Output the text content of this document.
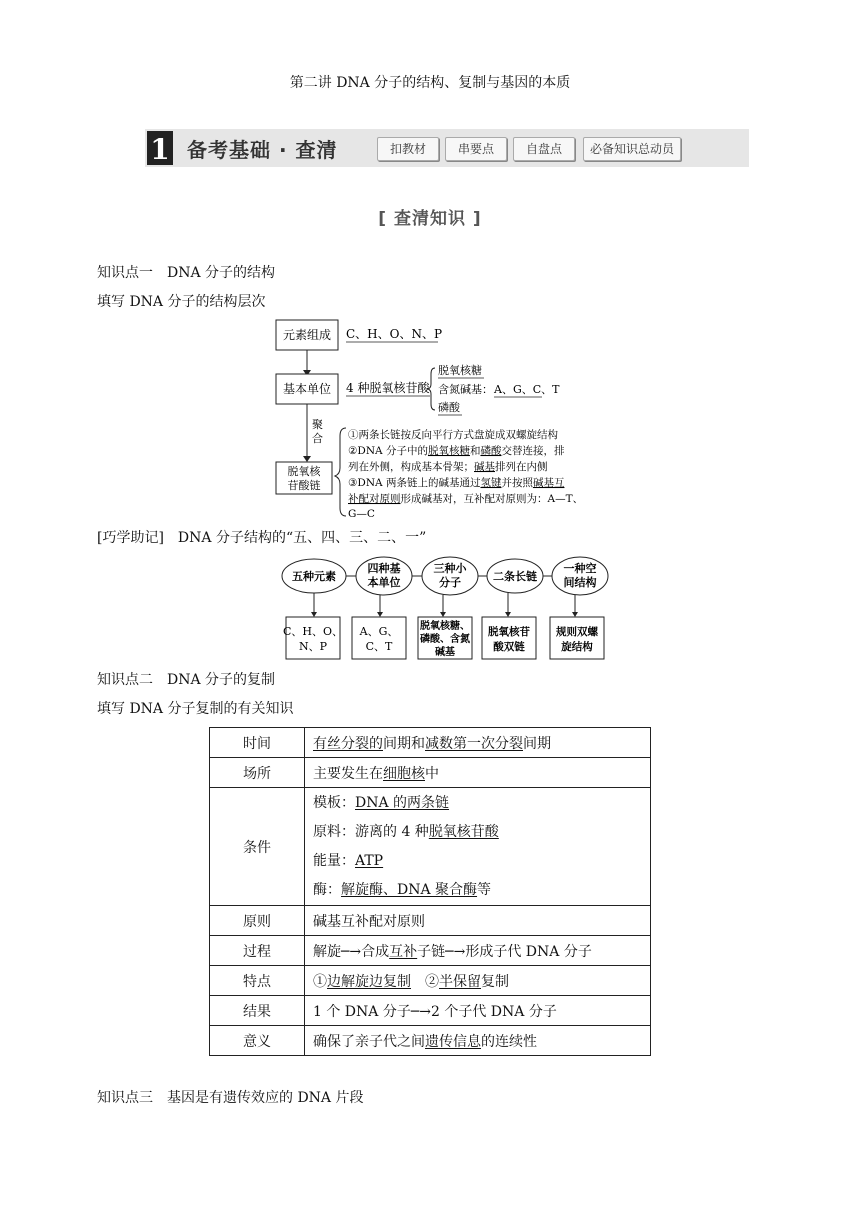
第二讲 DNA 分子的结构、复制与基因的本质
1 备考基础 · 查清	扣教材	串要点	自盘点	必备知识总动员
[ 查清知识 ]
知识点一　DNA 分子的结构
填写 DNA 分子的结构层次
元素组成 C、H、O、N、P
基本单位 4 种脱氧核苷酸
脱氧核糖
含氮碱基： A、G、C、T
磷酸
聚
合
脱氧核
苷酸链
①两条长链按反向平行方式盘旋成双螺旋结构
②DNA 分子中的脱氧核糖和磷酸交替连接，排
列在外侧，构成基本骨架；碱基排列在内侧
③DNA 两条链上的碱基通过氢键并按照碱基互
补配对原则形成碱基对，互补配对原则为：A—T、
G—C
[巧学助记]　DNA 分子结构的“五、四、三、二、一”
五种元素
四种基
本单位
三种小
分子	二条长链
一种空
间结构
C、H、O、
N、P
A、G、
C、T
脱氧核糖、
磷酸、含氮
碱基
脱氧核苷
酸双链
规则双螺
旋结构
知识点二　DNA 分子的复制
填写 DNA 分子复制的有关知识
时间	有丝分裂的间期和减数第一次分裂间期
场所	主要发生在细胞核中
条件	模板：DNA 的两条链
原料：游离的 4 种脱氧核苷酸
能量：ATP
酶：解旋酶、DNA 聚合酶等

原则	碱基互补配对原则
过程	解旋─→合成互补子链─→形成子代 DNA 分子
特点	①边解旋边复制　②半保留复制
结果	1 个 DNA 分子─→2 个子代 DNA 分子
意义	确保了亲子代之间遗传信息的连续性
知识点三　基因是有遗传效应的 DNA 片段
